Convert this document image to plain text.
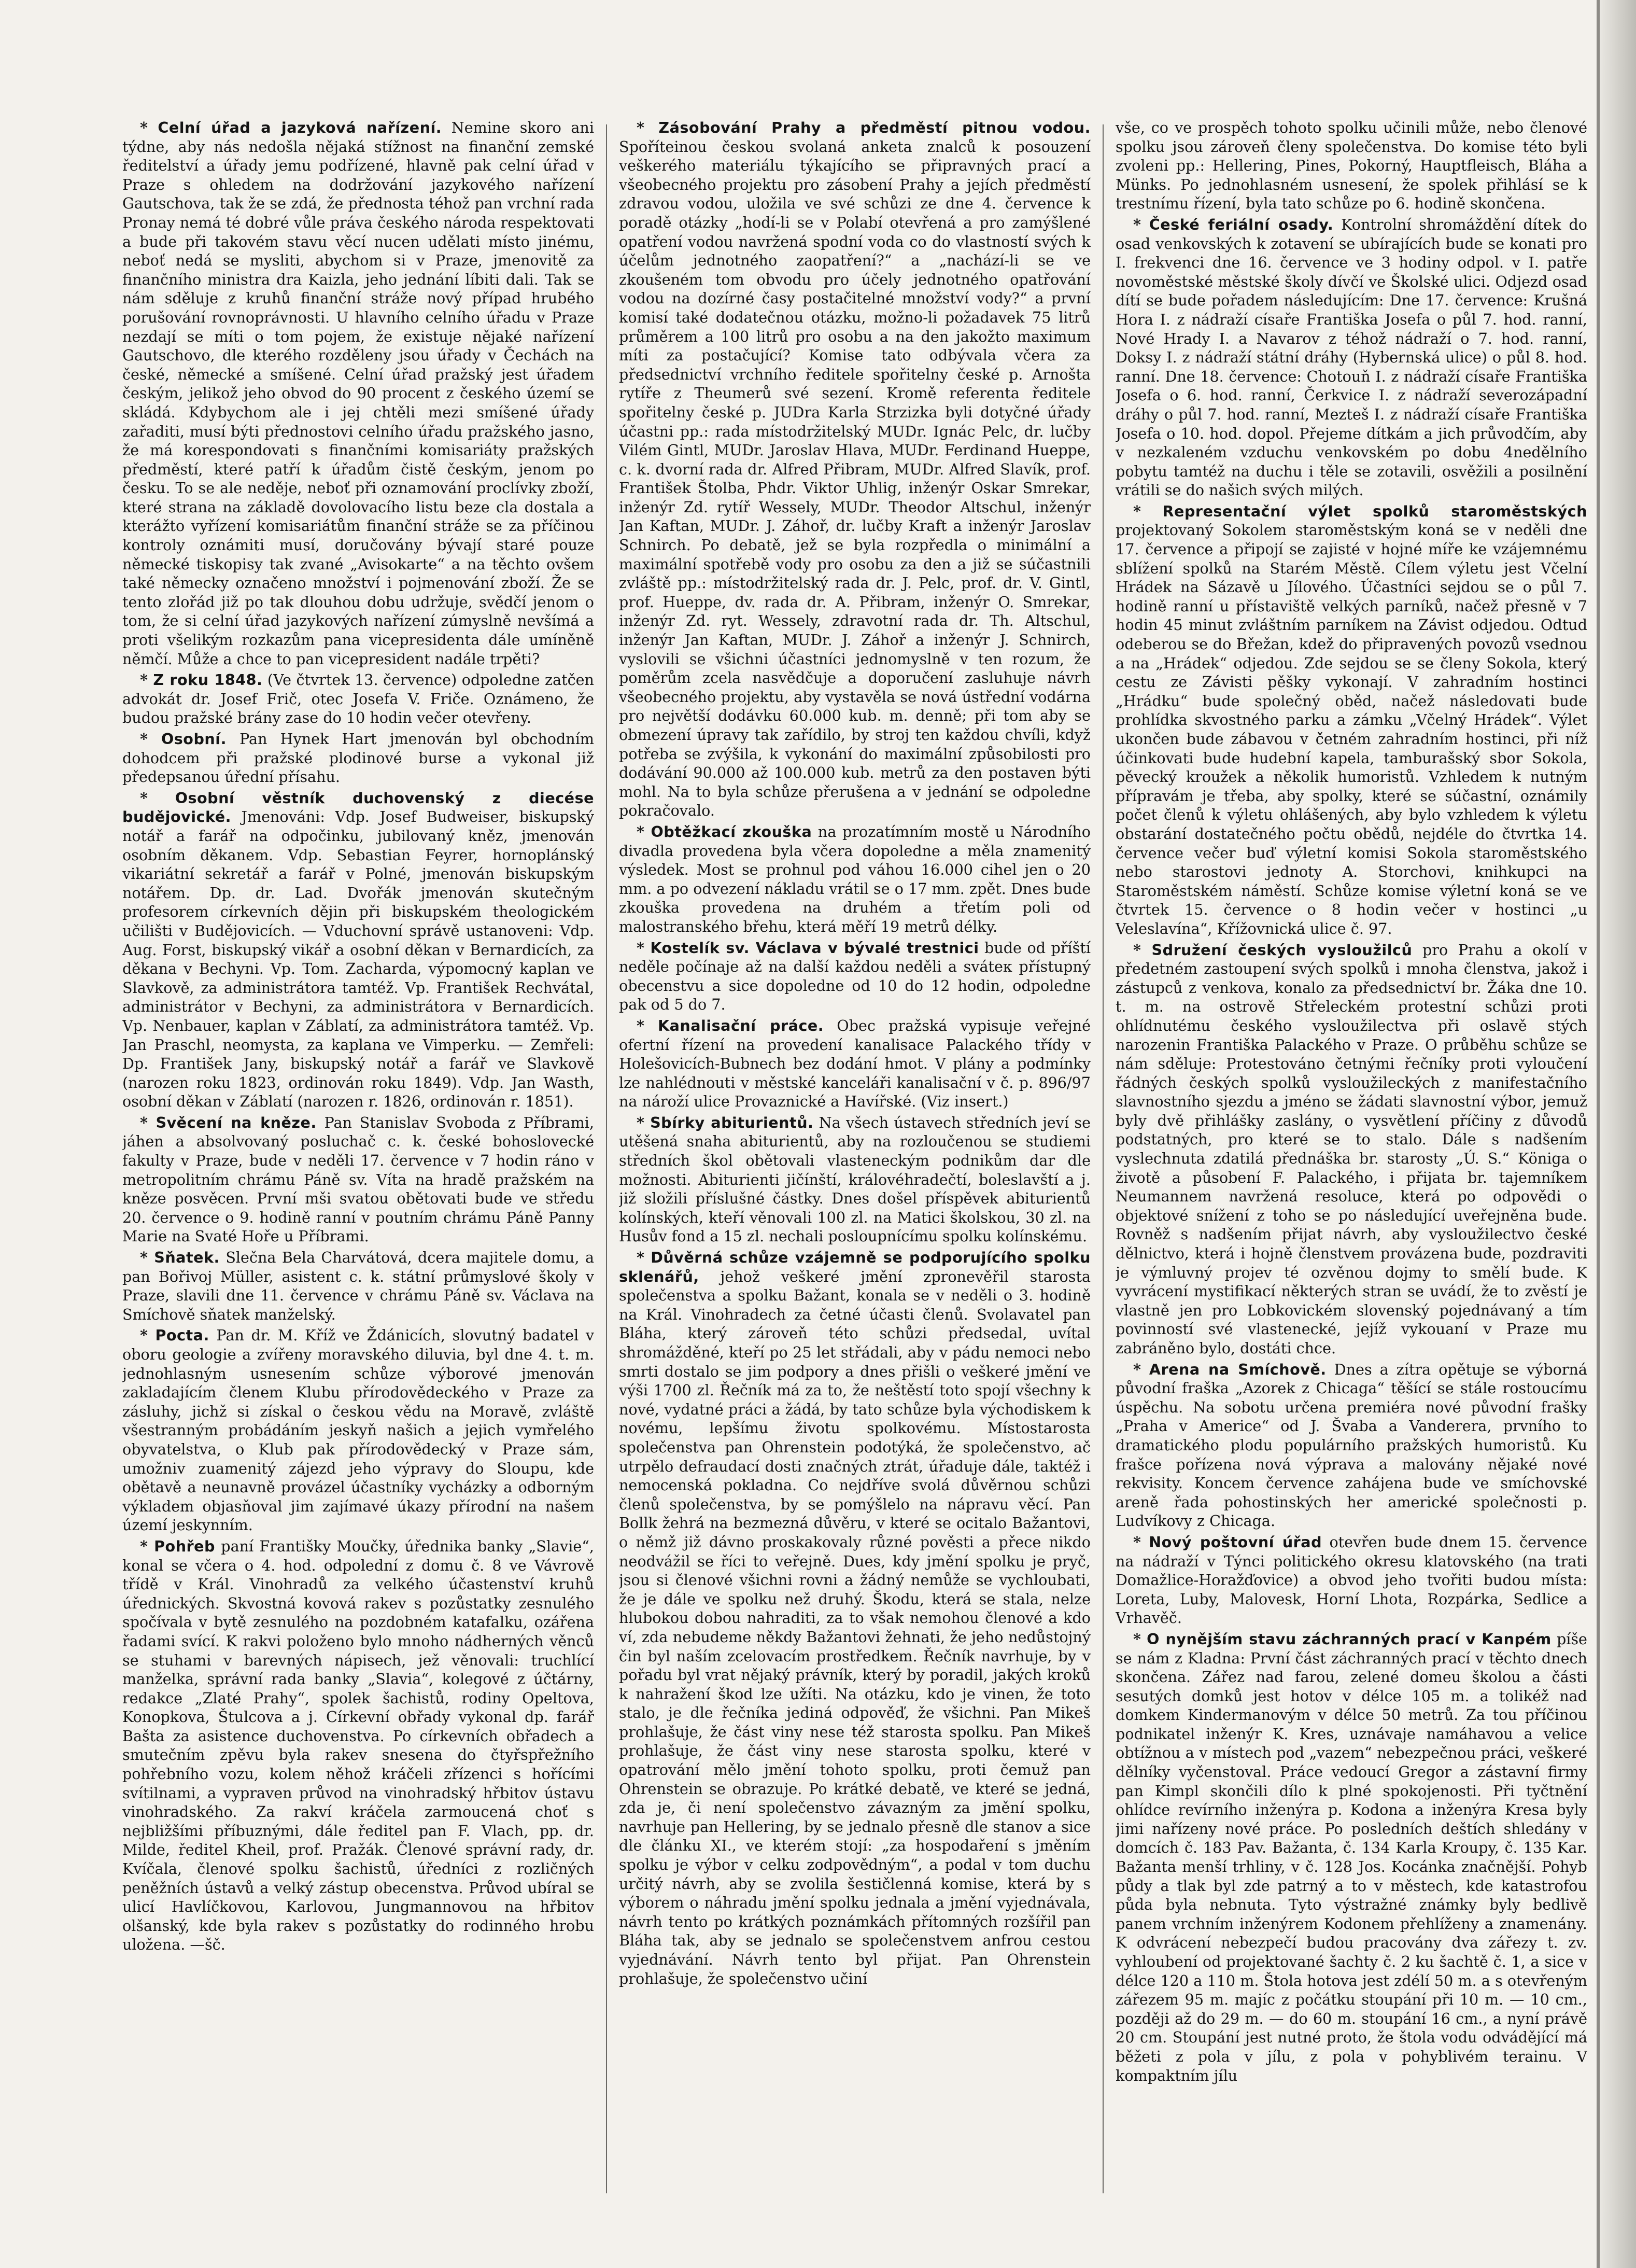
* Celní úřad a jazyková nařízení. Nemine skoro ani týdne, aby nás nedošla nějaká stížnost na finanční zemské ředitelství a úřady jemu podřízené, hlavně pak celní úřad v Praze s ohledem na dodržování jazykového nařízení Gautschova, tak že se zdá, že přednosta téhož pan vrchní rada Pronay nemá té dobré vůle práva českého národa respektovati a bude při takovém stavu věcí nucen udělati místo jinému, neboť nedá se mysliti, abychom si v Praze, jmenovitě za finančního ministra dra Kaizla, jeho jednání líbiti dali. Tak se nám sděluje z kruhů finanční stráže nový případ hrubého porušování rovnoprávnosti. U hlavního celního úřadu v Praze nezdají se míti o tom pojem, že existuje nějaké nařízení Gautschovo, dle kterého rozděleny jsou úřady v Čechách na české, německé a smíšené. Celní úřad pražský jest úřadem českým, jelikož jeho obvod do 90 procent z českého území se skládá. Kdybychom ale i jej chtěli mezi smíšené úřady zařaditi, musí býti přednostovi celního úřadu pražského jasno, že má korespondovati s finančními komisariáty pražských předměstí, které patří k úřadům čistě českým, jenom po česku. To se ale neděje, neboť při oznamování proclívky zboží, které strana na základě dovolovacího listu beze cla dostala a kterážto vyřízení komisariátům finanční stráže se za příčinou kontroly oznámiti musí, doručovány bývají staré pouze německé tiskopisy tak zvané „Avisokarte“ a na těchto ovšem také německy označeno množství i pojmenování zboží. Že se tento zlořád již po tak dlouhou dobu udržuje, svědčí jenom o tom, že si celní úřad jazykových nařízení zúmyslně nevšímá a proti všelikým rozkazům pana vicepresidenta dále umíněně němčí. Může a chce to pan vicepresident nadále trpěti?

* Z roku 1848. (Ve čtvrtek 13. července) odpoledne zatčen advokát dr. Josef Frič, otec Josefa V. Friče. Oznámeno, že budou pražské brány zase do 10 hodin večer otevřeny.

* Osobní. Pan Hynek Hart jmenován byl obchodním dohodcem při pražské plodinové burse a vykonal již předepsanou úřední přísahu.

* Osobní věstník duchovenský z diecése budějovické. Jmenováni: Vdp. Josef Budweiser, biskupský notář a farář na odpočinku, jubilovaný kněz, jmenován osobním děkanem. Vdp. Sebastian Feyrer, hornoplánský vikariátní sekretář a farář v Polné, jmenován biskupským notářem. Dp. dr. Lad. Dvořák jmenován skutečným profesorem církevních dějin při biskupském theologickém učilišti v Budějovicích. — Vduchovní správě ustanoveni: Vdp. Aug. Forst, biskupský vikář a osobní děkan v Bernardicích, za děkana v Bechyni. Vp. Tom. Zacharda, výpomocný kaplan ve Slavkově, za administrátora tamtéž. Vp. František Rechvátal, administrátor v Bechyni, za administrátora v Bernardicích. Vp. Nenbauer, kaplan v Záblatí, za administrátora tamtéž. Vp. Jan Praschl, neomysta, za kaplana ve Vimperku. — Zemřeli: Dp. František Jany, biskupský notář a farář ve Slavkově (narozen roku 1823, ordinován roku 1849). Vdp. Jan Wasth, osobní děkan v Záblatí (narozen r. 1826, ordinován r. 1851).

* Svěcení na kněze. Pan Stanislav Svoboda z Příbrami, jáhen a absolvovaný posluchač c. k. české bohoslovecké fakulty v Praze, bude v neděli 17. července v 7 hodin ráno v metropolitním chrámu Páně sv. Víta na hradě pražském na kněze posvěcen. První mši svatou obětovati bude ve středu 20. července o 9. hodině ranní v poutním chrámu Páně Panny Marie na Svaté Hoře u Příbrami.

* Sňatek. Slečna Bela Charvátová, dcera majitele domu, a pan Bořivoj Müller, asistent c. k. státní průmyslové školy v Praze, slavili dne 11. července v chrámu Páně sv. Václava na Smíchově sňatek manželský.

* Pocta. Pan dr. M. Kříž ve Ždánicích, slovutný badatel v oboru geologie a zvířeny moravského diluvia, byl dne 4. t. m. jednohlasným usnesením schůze výborové jmenován zakladajícím členem Klubu přírodovědeckého v Praze za zásluhy, jichž si získal o českou vědu na Moravě, zvláště všestranným probádáním jeskyň našich a jejich vymřelého obyvatelstva, o Klub pak přírodovědecký v Praze sám, umožniv zuamenitý zájezd jeho výpravy do Sloupu, kde obětavě a neunavně provázel účastníky vycházky a odborným výkladem objasňoval jim zajímavé úkazy přírodní na našem území jeskynním.

* Pohřeb paní Františky Moučky, úřednika banky „Slavie“, konal se včera o 4. hod. odpolední z domu č. 8 ve Vávrově třídě v Král. Vinohradů za velkého účastenství kruhů úřednických. Skvostná kovová rakev s pozůstatky zesnulého spočívala v bytě zesnulého na pozdobném katafalku, ozářena řadami svící. K rakvi položeno bylo mnoho nádherných věnců se stuhami v barevných nápisech, jež věnovali: truchlící manželka, správní rada banky „Slavia“, kolegové z účtárny, redakce „Zlaté Prahy“, spolek šachistů, rodiny Opeltova, Konopkova, Štulcova a j. Církevní obřady vykonal dp. farář Bašta za asistence duchovenstva. Po církevních obřadech a smutečním zpěvu byla rakev snesena do čtyřspřežního pohřebního vozu, kolem něhož kráčeli zřízenci s hořícími svítilnami, a vypraven průvod na vinohradský hřbitov ústavu vinohradského. Za rakví kráčela zarmoucená choť s nejbližšími příbuznými, dále ředitel pan F. Vlach, pp. dr. Milde, ředitel Kheil, prof. Pražák. Členové správní rady, dr. Kvíčala, členové spolku šachistů, úředníci z rozličných peněžních ústavů a velký zástup obecenstva. Průvod ubíral se ulicí Havlíčkovou, Karlovou, Jungmannovou na hřbitov olšanský, kde byla rakev s pozůstatky do rodinného hrobu uložena. —šč.

* Zásobování Prahy a předměstí pitnou vodou. Spoříteinou českou svolaná anketa znalců k posouzení veškerého materiálu týkajícího se připravných prací a všeobecného projektu pro zásobení Prahy a jejích předměstí zdravou vodou, uložila ve své schůzi ze dne 4. července k poradě otázky „hodí-li se v Polabí otevřená a pro zamýšlené opatření vodou navržená spodní voda co do vlastností svých k účelům jednotného zaopatření?“ a „nachází-li se ve zkoušeném tom obvodu pro účely jednotného opatřování vodou na dozírné časy postačitelné množství vody?“ a první komisí také dodatečnou otázku, možno-li požadavek 75 litrů průměrem a 100 litrů pro osobu a na den jakožto maximum míti za postačující? Komise tato odbývala včera za předsednictví vrchního ředitele spořitelny české p. Arnošta rytíře z Theumerů své sezení. Kromě referenta ředitele spořitelny české p. JUDra Karla Strzizka byli dotyčné úřady účastni pp.: rada místodržitelský MUDr. Ignác Pelc, dr. lučby Vilém Gintl, MUDr. Jaroslav Hlava, MUDr. Ferdinand Hueppe, c. k. dvorní rada dr. Alfred Přibram, MUDr. Alfred Slavík, prof. František Štolba, Phdr. Viktor Uhlig, inženýr Oskar Smrekar, inženýr Zd. rytíř Wessely, MUDr. Theodor Altschul, inženýr Jan Kaftan, MUDr. J. Záhoř, dr. lučby Kraft a inženýr Jaroslav Schnirch. Po debatě, jež se byla rozpředla o minimální a maximální spotřebě vody pro osobu za den a již se súčastnili zvláště pp.: místodržitelský rada dr. J. Pelc, prof. dr. V. Gintl, prof. Hueppe, dv. rada dr. A. Přibram, inženýr O. Smrekar, inženýr Zd. ryt. Wessely, zdravotní rada dr. Th. Altschul, inženýr Jan Kaftan, MUDr. J. Záhoř a inženýr J. Schnirch, vyslovili se všichni účastníci jednomyslně v ten rozum, že poměrům zcela nasvědčuje a doporučení zasluhuje návrh všeobecného projektu, aby vystavěla se nová ústřední vodárna pro největší dodávku 60.000 kub. m. denně; při tom aby se obmezení úpravy tak zařídilo, by stroj ten každou chvíli, když potřeba se zvýšila, k vykonání do maximální způsobilosti pro dodávání 90.000 až 100.000 kub. metrů za den postaven býti mohl. Na to byla schůze přerušena a v jednání se odpoledne pokračovalo.

* Obtěžkací zkouška na prozatímním mostě u Národního divadla provedena byla včera dopoledne a měla znamenitý výsledek. Most se prohnul pod váhou 16.000 cihel jen o 20 mm. a po odvezení nákladu vrátil se o 17 mm. zpět. Dnes bude zkouška provedena na druhém a třetím poli od malostranského břehu, která měří 19 metrů délky.

* Kostelík sv. Václava v bývalé trestnici bude od příští neděle počínaje až na další každou neděli a sváteк přístupný obecenstvu a sice dopoledne od 10 do 12 hodin, odpoledne pak od 5 do 7.

* Kanalisační práce. Obec pražská vypisuje veřejné ofertní řízení na provedení kanalisace Palackého třídy v Holešovicích-Bubnech bez dodání hmot. V plány a podmínky lze nahlédnouti v městské kanceláři kanalisační v č. p. 896/97 na nároží ulice Provaznické a Havířské. (Viz insert.)

* Sbírky abiturientů. Na všech ústavech středních jeví se utěšená snaha abiturientů, aby na rozloučenou se studiemi středních škol obětovali vlasteneckým podnikům dar dle možnosti. Abiturienti jičínští, královéhradečtí, boleslavští a j. již složili příslušné částky. Dnes došel příspěvek abiturientů kolínských, kteří věnovali 100 zl. na Matici školskou, 30 zl. na Husův fond a 15 zl. nechali posloupnícímu spolku kolínskému.

* Důvěrná schůze vzájemně se podporujícího spolku sklenářů, jehož veškeré jmění zpronevěřil starosta společenstva a spolku Bažant, konala se v neděli o 3. hodině na Král. Vinohradech za četné účasti členů. Svolavatel pan Bláha, který zároveň této schůzi předsedal, uvítal shromážděné, kteří po 25 let střádali, aby v pádu nemoci nebo smrti dostalo se jim podpory a dnes přišli o veškeré jmění ve výši 1700 zl. Řečník má za to, že neštěstí toto spojí všechny k nové, vydatné práci a žádá, by tato schůze byla východiskem k novému, lepšímu životu spolkovému. Místostarosta společenstva pan Ohrenstein podotýká, že společenstvo, ač utrpělo defraudací dosti značných ztrát, úřaduje dále, taktéž i nemocenská pokladna. Co nejdříve svolá důvěrnou schůzi členů společenstva, by se pomýšlelo na nápravu věcí. Pan Bollk žehrá na bezmezná důvěru, v které se ocitalo Bažantovi, o němž již dávno proskakovaly různé pověsti a přece nikdo neodvážil se říci to veřejně. Dues, kdy jmění spolku je pryč, jsou si členové všichni rovni a žádný nemůže se vychloubati, že je dále ve spolku než druhý. Škodu, která se stala, nelze hlubokou dobou nahraditi, za to však nemohou členové a kdo ví, zda nebudeme někdy Bažantovi žehnati, že jeho nedůstojný čin byl naším zcelovacím prostředkem. Řečník navrhuje, by v pořadu byl vrat nějaký právník, který by poradil, jakých kroků k nahražení škod lze užíti. Na otázku, kdo je vinen, že toto stalo, je dle řečníka jediná odpověď, že všichni. Pan Mikeš prohlašuje, že část viny nese též starosta spolku. Pan Mikeš prohlašuje, že část viny nese starosta spolku, které v opatrování mělo jmění tohoto spolku, proti čemuž pan Ohrenstein se obrazuje. Po krátké debatě, ve které se jedná, zda je, či není společenstvo závazným za jmění spolku, navrhuje pan Hellering, by se jednalo přesně dle stanov a sice dle článku XI., ve kterém stojí: „za hospodaření s jměním spolku je výbor v celku zodpovědným“, a podal v tom duchu určitý návrh, aby se zvolila šestičlenná komise, která by s výborem o náhradu jmění spolku jednala a jmění vyjednávala, návrh tento po krátkých poznámkách přítomných rozšířil pan Bláha tak, aby se jednalo se společenstvem anfrou cestou vyjednávání. Návrh tento byl přijat. Pan Ohrenstein prohlašuje, že společenstvo učiní

vše, co ve prospěch tohoto spolku učinili může, nebo členové spolku jsou zároveň členy společenstva. Do komise této byli zvoleni pp.: Hellering, Pines, Pokorný, Hauptfleisch, Bláha a Münks. Po jednohlasném usnesení, že spolek přihlásí se k trestnímu řízení, byla tato schůze po 6. hodině skončena.

* České feriální osady. Kontrolní shromáždění dítek do osad venkovských k zotavení se ubírajících bude se konati pro I. frekvenci dne 16. července ve 3 hodiny odpol. v I. patře novoměstské městské školy dívčí ve Školské ulici. Odjezd osad dítí se bude pořadem následujícím: Dne 17. července: Krušná Hora I. z nádraží císaře Františka Josefa o půl 7. hod. ranní, Nové Hrady I. a Navarov z téhož nádraží o 7. hod. ranní, Doksy I. z nádraží státní dráhy (Hybernská ulice) o půl 8. hod. ranní. Dne 18. července: Chotouň I. z nádraží císaře Františka Josefa o 6. hod. ranní, Čerkvice I. z nádraží severozápadní dráhy o půl 7. hod. ranní, Mezteš I. z nádraží císaře Františka Josefa o 10. hod. dopol. Přejeme dítkám a jich průvodčím, aby v nezkaleném vzduchu venkovském po dobu 4nedělního pobytu tamtéž na duchu i těle se zotavili, osvěžili a posilnění vrátili se do našich svých milých.

* Representační výlet spolků staroměstských projektovaný Sokolem staroměstským koná se v neděli dne 17. července a připojí se zajisté v hojné míře ke vzájemnému sblížení spolků na Starém Městě. Cílem výletu jest Včelní Hrádek na Sázavě u Jílového. Účastníci sejdou se o půl 7. hodině ranní u přístaviště velkých parníků, načež přesně v 7 hodin 45 minut zvláštním parníkem na Závist odjedou. Odtud odeberou se do Břežan, kdež do připravených povozů vsednou a na „Hrádek“ odjedou. Zde sejdou se se členy Sokola, který cestu ze Závisti pěšky vykonají. V zahradním hostinci „Hrádku“ bude společný oběd, načež následovati bude prohlídka skvostného parku a zámku „Včelný Hrádek“. Výlet ukončen bude zábavou v č̌etném zahradním hostinci, při níž účinkovati bude hudební kapela, tamburašský sbor Sokola, pěvecký kroužek a několik humoristů. Vzhledem k nutným přípravám je třeba, aby spolky, které se súčastní, oznámily počet členů k výletu ohlášených, aby bylo vzhledem k výletu obstarání dostatečného počtu obědů, nejdéle do čtvrtka 14. července večer buď výletní komisi Sokola staroměstského nebo starostovi jednoty A. Storchovi, knihkupci na Staroměstském náměstí. Schůze komise výletní koná se ve čtvrtek 15. července o 8 hodin večer v hostinci „u Veleslavína“, Křížovnická ulice č. 97.

* Sdružení českých vysloužilců pro Prahu a okolí v předetném zastoupení svých spolků i mnoha členstva, jakož i zástupců z venkova, konalo za předsednictví br. Žáka dne 10. t. m. na ostrově Střeleckém protestní schůzi proti ohlídnutému českého vysloužilectva při oslavě stých narozenin Františka Palackého v Praze. O průběhu schůze se nám sděluje: Protestováno četnými řečníky proti vyloučení řádných českých spolků vysloužileckých z manifestačního slavnostního sjezdu a jméno se žádati slavnostní výbor, jemuž byly dvě přihlášky zaslány, o vysvětlení příčiny z důvodů podstatných, pro které se to stalo. Dále s nadšením vyslechnuta zdatilá přednáška br. starosty „Ú. S.“ Königa o životě a působení F. Palackého, i přijata br. tajemníkem Neumannem navržená resoluce, která po odpovědi o objektové snížení z toho se po následující uveřejněna bude. Rovněž s nadšením přijat návrh, aby vysloužilectvo české dělnictvo, která i hojně členstvem provázena bude, pozdraviti je výmluvný projev té ozvěnou dojmy to smělí bude. K vyvrácení mystifikací některých stran se uvádí, že to zvěstí je vlastně jen pro Lobkovickém slovenský pojednávaný a tím povinností své vlastenecké, jejíž vykouaní v Praze mu zabráněno bylo, dostáti chce.

* Arena na Smíchově. Dnes a zítra opětuje se výborná původní fraška „Azorek z Chicaga“ těšící se stále rostoucímu úspěchu. Na sobotu určena premiéra nové původní frašky „Praha v Americe“ od J. Švaba a Vanderera, prvního to dramatického plodu populárního pražských humoristů. Ku frašce pořízena nová výprava a malovány nějaké nové rekvisity. Koncem července zahájena bude ve smíchovské areně řada pohostinských her americké společnosti p. Ludvíkovy z Chicaga.

* Nový poštovní úřad otevřen bude dnem 15. července na nádraží v Týnci politického okresu klatovského (na trati Domažlice-Horažďovice) a obvod jeho tvořiti budou místa: Loreta, Luby, Malovesk, Horní Lhota, Rozpárka, Sedlice a Vrhavěč.

* O nynějším stavu záchranných prací v Kanpém píše se nám z Kladna: První část záchranných prací v těchto dnech skončena. Zářez nad farou, zelené domeu školou a části sesutých domků jest hotov v délce 105 m. a tolikéž nad domkem Kindermanovým v délce 50 metrů. Za tou příčinou podnikatel inženýr K. Kres, uznávaje namáhavou a velice obtížnou a v místech pod „vazem“ nebezpečnou práci, veškeré dělníky vyčenstoval. Práce vedoucí Gregor a zástavní firmy pan Kimpl skončili dílo k plné spokojenosti. Při tyčtnění ohlídce revírního inženýra p. Kodona a inženýra Kresa byly jimi nařízeny nové práce. Po posledních deštích shledány v domcích č. 183 Pav. Bažanta, č. 134 Karla Kroupy, č. 135 Kar. Bažanta menší trhliny, v č. 128 Jos. Kocánka značnější. Pohyb půdy a tlak byl zde patrný a to v městech, kde katastrofou půda byla nebnuta. Tyto výstražné známky byly bedlivě panem vrchním inženýrem Kodonem přehlíženy a znamenány. K odvrácení nebezpečí budou pracovány dva zářezy t. zv. vyhloubení od projektované šachty č. 2 ku šachtě č. 1, a sice v délce 120 a 110 m. Štola hotova jest zdélí 50 m. a s otevřeným zářezem 95 m. majíc z počátku stoupání při 10 m. — 10 cm., později až do 29 m. — do 60 m. stoupání 16 cm., a nyní právě 20 cm. Stoupání jest nutné proto, že štola vodu odvádějící má běžeti z pola v jílu, z pola v pohyblivém terainu. V kompaktním jílu
